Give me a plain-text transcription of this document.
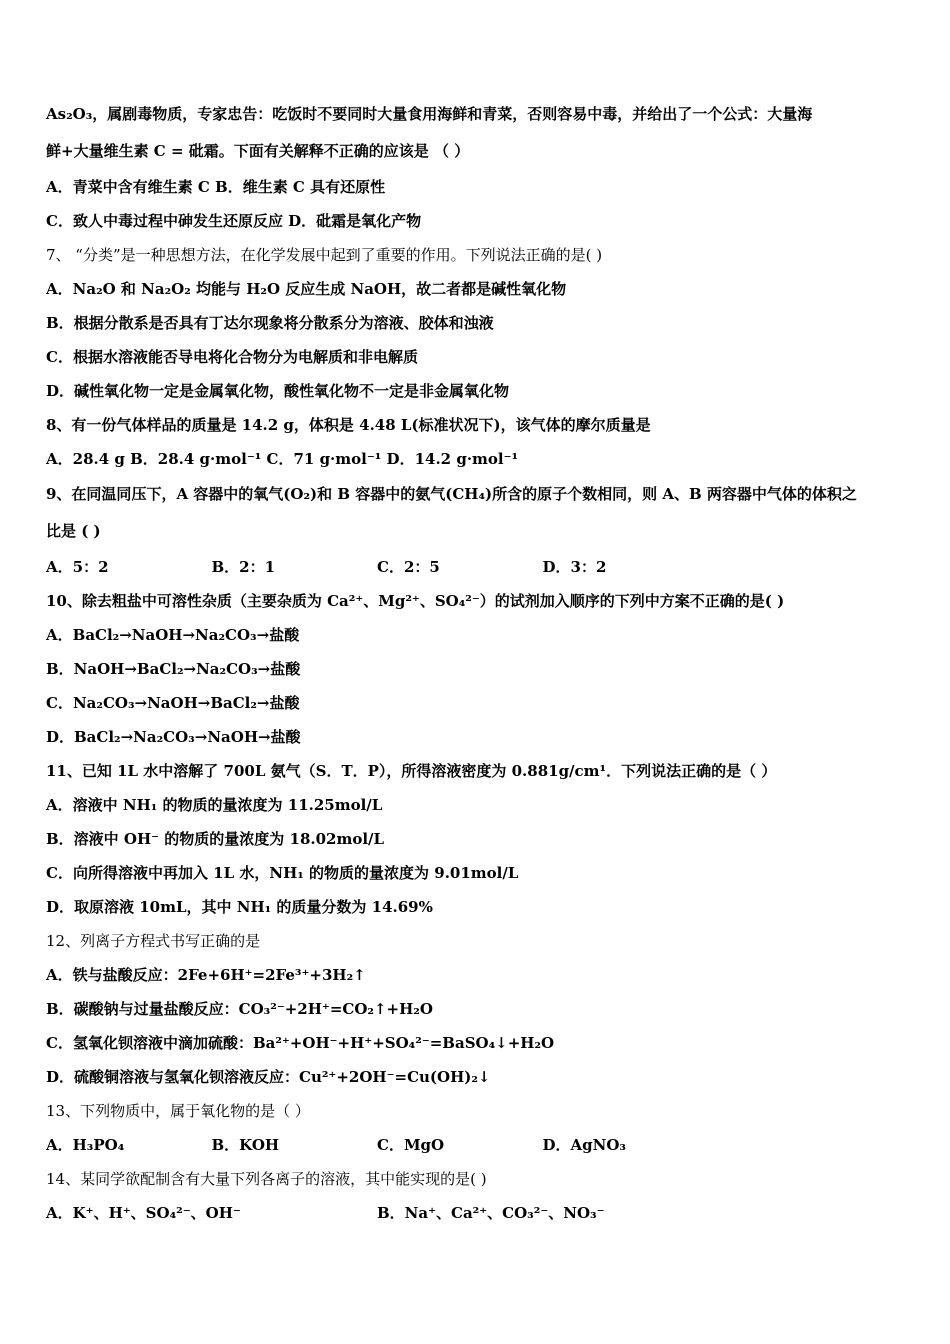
As₂O₃，属剧毒物质，专家忠告：吃饭时不要同时大量食用海鲜和青菜，否则容易中毒，并给出了一个公式：大量海
鲜+大量维生素 C = 砒霜。下面有关解释不正确的应该是 （ ）
A．青菜中含有维生素 C B．维生素 C 具有还原性
C．致人中毒过程中砷发生还原反应 D．砒霜是氧化产物
7、 “分类”是一种思想方法，在化学发展中起到了重要的作用。下列说法正确的是( )
A．Na₂O 和 Na₂O₂ 均能与 H₂O 反应生成 NaOH，故二者都是碱性氧化物
B．根据分散系是否具有丁达尔现象将分散系分为溶液、胶体和浊液
C．根据水溶液能否导电将化合物分为电解质和非电解质
D．碱性氧化物一定是金属氧化物，酸性氧化物不一定是非金属氧化物
8、有一份气体样品的质量是 14.2 g，体积是 4.48 L(标准状况下)，该气体的摩尔质量是
A．28.4 g B．28.4 g·mol⁻¹ C．71 g·mol⁻¹ D．14.2 g·mol⁻¹
9、在同温同压下，A 容器中的氧气(O₂)和 B 容器中的氨气(CH₄)所含的原子个数相同，则 A、B 两容器中气体的体积之
比是 ( )
A．5：2	B．2：1	C．2：5	D．3：2
10、除去粗盐中可溶性杂质（主要杂质为 Ca²⁺、Mg²⁺、SO₄²⁻）的试剂加入顺序的下列中方案不正确的是( )
A．BaCl₂→NaOH→Na₂CO₃→盐酸
B．NaOH→BaCl₂→Na₂CO₃→盐酸
C．Na₂CO₃→NaOH→BaCl₂→盐酸
D．BaCl₂→Na₂CO₃→NaOH→盐酸
11、已知 1L 水中溶解了 700L 氨气（S．T．P），所得溶液密度为 0.881g/cm¹．下列说法正确的是（ ）
A．溶液中 NH₁ 的物质的量浓度为 11.25mol/L
B．溶液中 OH⁻ 的物质的量浓度为 18.02mol/L
C．向所得溶液中再加入 1L 水，NH₁ 的物质的量浓度为 9.01mol/L
D．取原溶液 10mL，其中 NH₁ 的质量分数为 14.69%
12、列离子方程式书写正确的是
A．铁与盐酸反应：2Fe+6H⁺=2Fe³⁺+3H₂↑
B．碳酸钠与过量盐酸反应：CO₃²⁻+2H⁺=CO₂↑+H₂O
C．氢氧化钡溶液中滴加硫酸：Ba²⁺+OH⁻+H⁺+SO₄²⁻=BaSO₄↓+H₂O
D．硫酸铜溶液与氢氧化钡溶液反应：Cu²⁺+2OH⁻=Cu(OH)₂↓
13、下列物质中，属于氧化物的是（ ）
A．H₃PO₄	B．KOH	C．MgO	D．AgNO₃
14、某同学欲配制含有大量下列各离子的溶液，其中能实现的是( )
A．K⁺、H⁺、SO₄²⁻、OH⁻	B．Na⁺、Ca²⁺、CO₃²⁻、NO₃⁻
